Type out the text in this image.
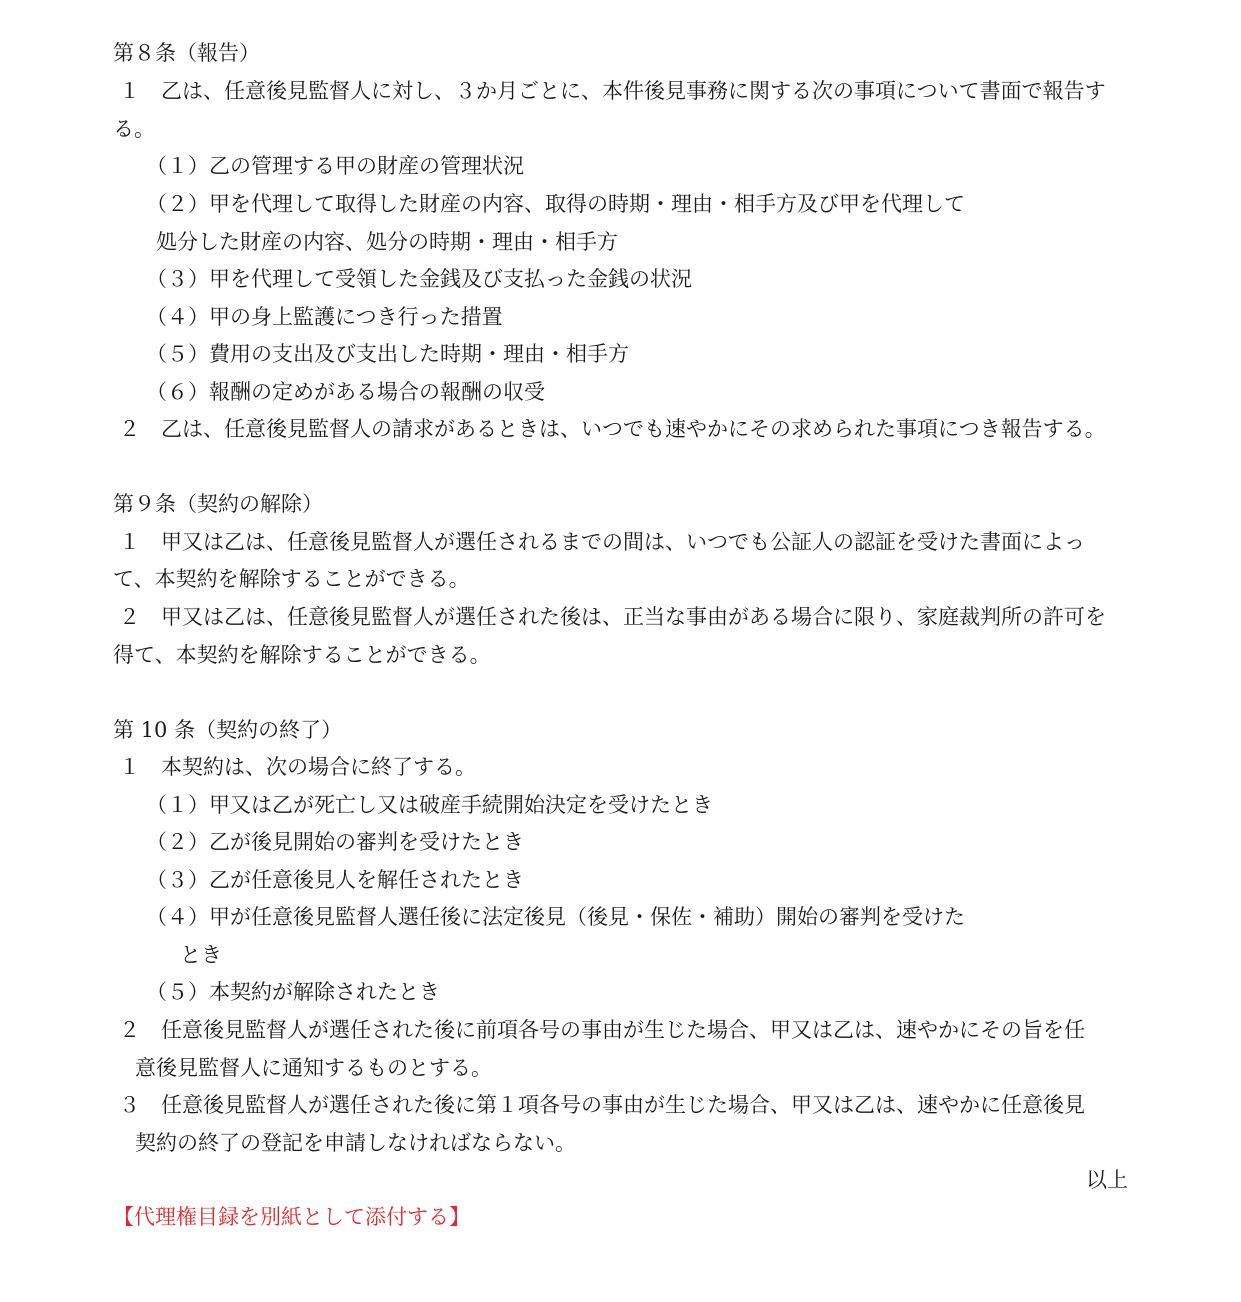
第８条（報告）
１ 乙は、任意後見監督人に対し、３か月ごとに、本件後見事務に関する次の事項について書面で報告す
る。
（１）乙の管理する甲の財産の管理状況
（２）甲を代理して取得した財産の内容、取得の時期・理由・相手方及び甲を代理して
処分した財産の内容、処分の時期・理由・相手方
（３）甲を代理して受領した金銭及び支払った金銭の状況
（４）甲の身上監護につき行った措置
（５）費用の支出及び支出した時期・理由・相手方
（６）報酬の定めがある場合の報酬の収受
２ 乙は、任意後見監督人の請求があるときは、いつでも速やかにその求められた事項につき報告する。
第９条（契約の解除）
１ 甲又は乙は、任意後見監督人が選任されるまでの間は、いつでも公証人の認証を受けた書面によっ
て、本契約を解除することができる。
２ 甲又は乙は、任意後見監督人が選任された後は、正当な事由がある場合に限り、家庭裁判所の許可を
得て、本契約を解除することができる。
第 10 条（契約の終了）
１ 本契約は、次の場合に終了する。
（１）甲又は乙が死亡し又は破産手続開始決定を受けたとき
（２）乙が後見開始の審判を受けたとき
（３）乙が任意後見人を解任されたとき
（４）甲が任意後見監督人選任後に法定後見（後見・保佐・補助）開始の審判を受けた
とき
（５）本契約が解除されたとき
２ 任意後見監督人が選任された後に前項各号の事由が生じた場合、甲又は乙は、速やかにその旨を任
意後見監督人に通知するものとする。
３ 任意後見監督人が選任された後に第１項各号の事由が生じた場合、甲又は乙は、速やかに任意後見
契約の終了の登記を申請しなければならない。
以上
【代理権目録を別紙として添付する】
